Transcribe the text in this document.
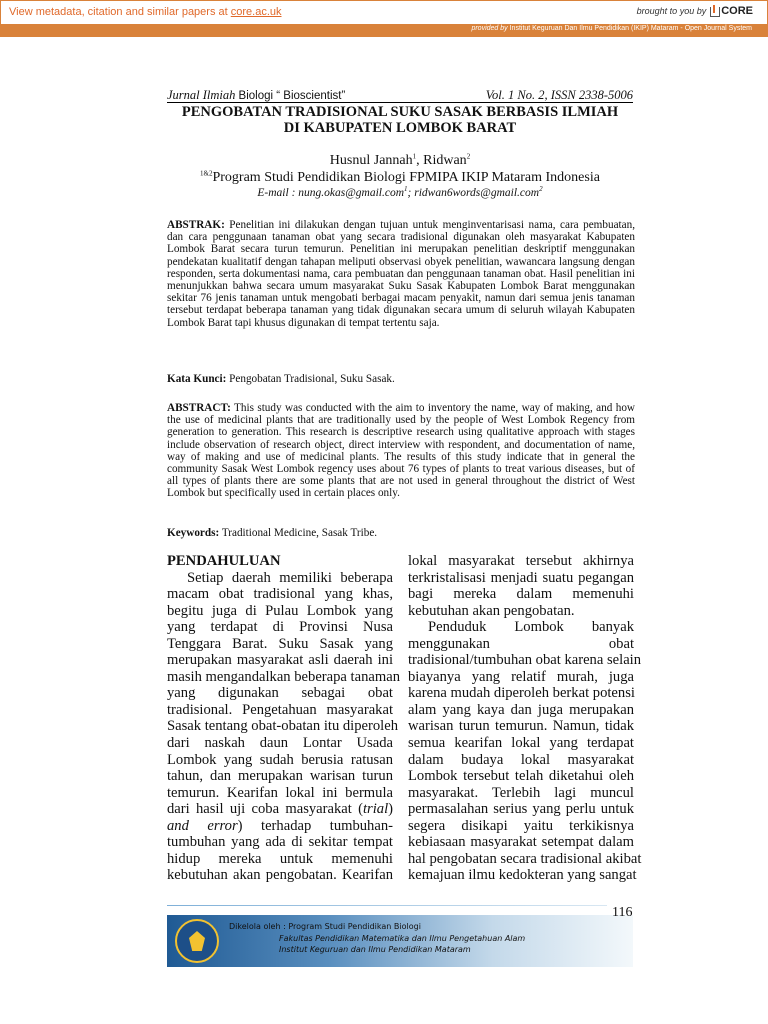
View metadata, citation and similar papers at core.ac.uk	brought to you by CORE
provided by Institut Keguruan Dan Ilmu Pendidikan (IKIP) Mataram - Open Journal System
Jurnal Ilmiah Biologi “ Bioscientist”	Vol. 1 No. 2, ISSN 2338-5006
PENGOBATAN TRADISIONAL SUKU SASAK BERBASIS ILMIAH
DI KABUPATEN LOMBOK BARAT
Husnul Jannah$^1$, Ridwan$^2$
$^{1\&2}$Program Studi Pendidikan Biologi FPMIPA IKIP Mataram Indonesia
E-mail : nung.okas@gmail.com$^1$; ridwan6words@gmail.com$^2$
ABSTRAK: Penelitian ini dilakukan dengan tujuan untuk menginventarisasi nama, cara pembuatan, dan cara penggunaan tanaman obat yang secara tradisional digunakan oleh masyarakat Kabupaten Lombok Barat secara turun temurun. Penelitian ini merupakan penelitian deskriptif menggunakan pendekatan kualitatif dengan tahapan meliputi observasi obyek penelitian, wawancara langsung dengan responden, serta dokumentasi nama, cara pembuatan dan penggunaan tanaman obat. Hasil penelitian ini menunjukkan bahwa secara umum masyarakat Suku Sasak Kabupaten Lombok Barat menggunakan sekitar 76 jenis tanaman untuk mengobati berbagai macam penyakit, namun dari semua jenis tanaman tersebut terdapat beberapa tanaman yang tidak digunakan secara umum di seluruh wilayah Kabupaten Lombok Barat tapi khusus digunakan di tempat tertentu saja.
Kata Kunci: Pengobatan Tradisional, Suku Sasak.
ABSTRACT: This study was conducted with the aim to inventory the name, way of making, and how the use of medicinal plants that are traditionally used by the people of West Lombok Regency from generation to generation. This research is descriptive research using qualitative approach with stages include observation of research object, direct interview with respondent, and documentation of name, way of making and use of medicinal plants. The results of this study indicate that in general the community Sasak West Lombok regency uses about 76 types of plants to treat various diseases, but of all types of plants there are some plants that are not used in general throughout the district of West Lombok but specifically used in certain places only.
Keywords: Traditional Medicine, Sasak Tribe.
PENDAHULUAN
Setiap daerah memiliki beberapa
macam obat tradisional yang khas,
begitu juga di Pulau Lombok yang
yang terdapat di Provinsi Nusa
Tenggara Barat. Suku Sasak yang
merupakan masyarakat asli daerah ini
masih mengandalkan beberapa tanaman
yang digunakan sebagai obat
tradisional. Pengetahuan masyarakat
Sasak tentang obat-obatan itu diperoleh
dari naskah daun Lontar Usada
Lombok yang sudah berusia ratusan
tahun, dan merupakan warisan turun
temurun. Kearifan lokal ini bermula
dari hasil uji coba masyarakat (trial)
and error) terhadap tumbuhan-
tumbuhan yang ada di sekitar tempat
hidup mereka untuk memenuhi
kebutuhan akan pengobatan. Kearifan
lokal masyarakat tersebut akhirnya
terkristalisasi menjadi suatu pegangan
bagi mereka dalam memenuhi
kebutuhan akan pengobatan.
Penduduk Lombok banyak
menggunakan obat
tradisional/tumbuhan obat karena selain
biayanya yang relatif murah, juga
karena mudah diperoleh berkat potensi
alam yang kaya dan juga merupakan
warisan turun temurun. Namun, tidak
semua kearifan lokal yang terdapat
dalam budaya lokal masyarakat
Lombok tersebut telah diketahui oleh
masyarakat. Terlebih lagi muncul
permasalahan serius yang perlu untuk
segera disikapi yaitu terkikisnya
kebiasaan masyarakat setempat dalam
hal pengobatan secara tradisional akibat
kemajuan ilmu kedokteran yang sangat
Dikelola oleh : Program Studi Pendidikan Biologi
Fakultas Pendidikan Matematika dan Ilmu Pengetahuan Alam
Institut Keguruan dan Ilmu Pendidikan Mataram
116
